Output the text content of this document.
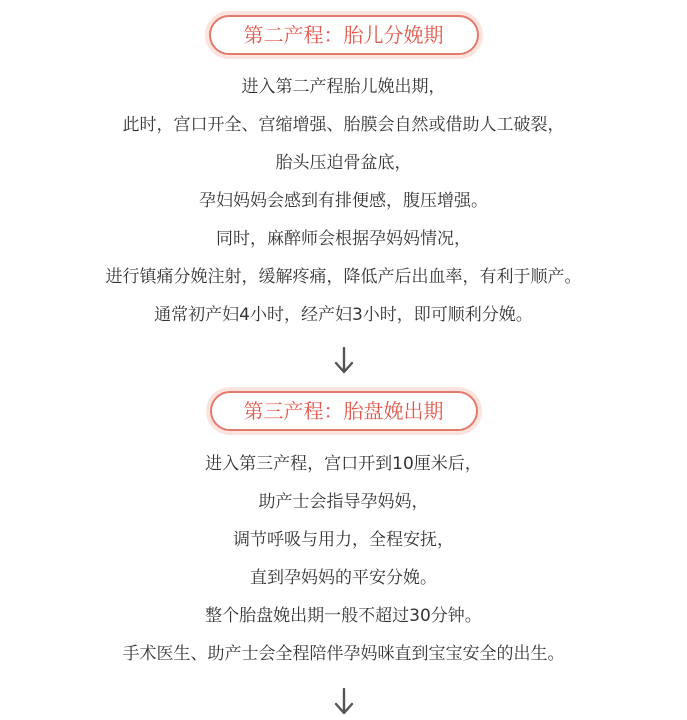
第二产程：胎儿分娩期
进入第二产程胎儿娩出期，
此时，宫口开全、宫缩增强、胎膜会自然或借助人工破裂，
胎头压迫骨盆底，
孕妇妈妈会感到有排便感，腹压增强。
同时，麻醉师会根据孕妈妈情况，
进行镇痛分娩注射，缓解疼痛，降低产后出血率，有利于顺产。
通常初产妇4小时，经产妇3小时，即可顺利分娩。
第三产程：胎盘娩出期
进入第三产程，宫口开到10厘米后，
助产士会指导孕妈妈，
调节呼吸与用力，全程安抚，
直到孕妈妈的平安分娩。
整个胎盘娩出期一般不超过30分钟。
手术医生、助产士会全程陪伴孕妈咪直到宝宝安全的出生。
